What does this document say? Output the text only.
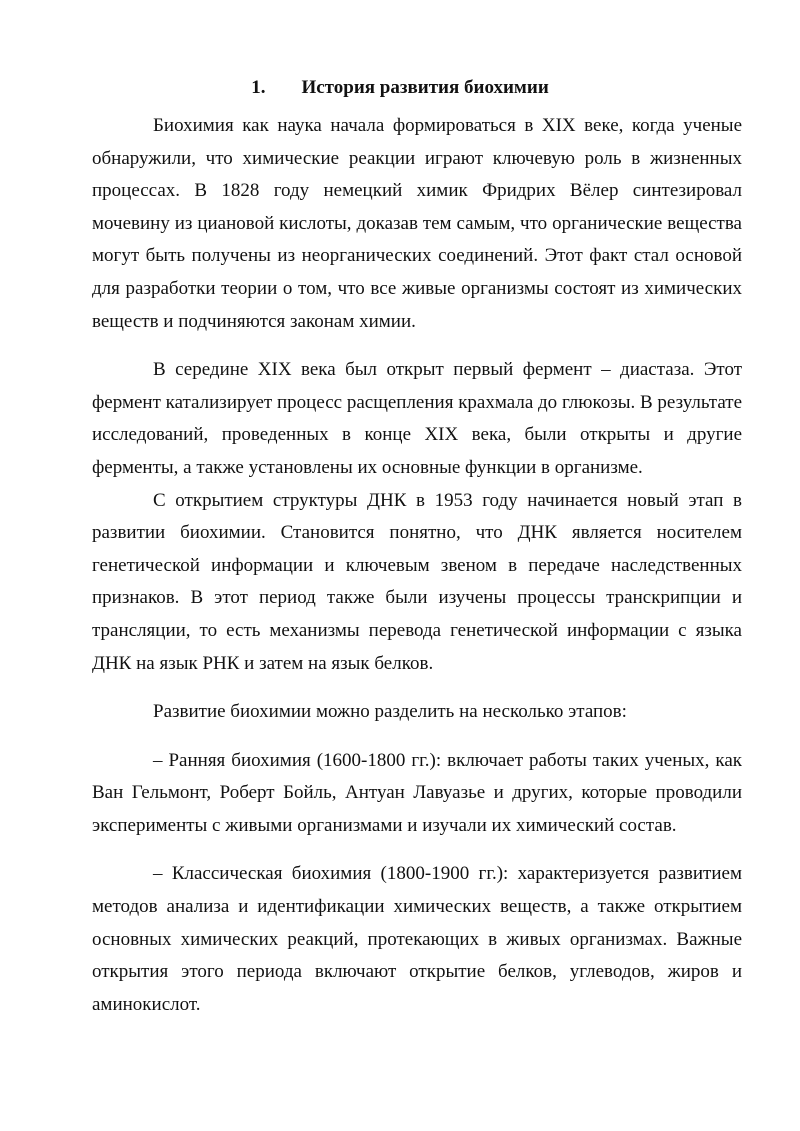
1. История развития биохимии

Биохимия как наука начала формироваться в XIX веке, когда ученые обнаружили, что химические реакции играют ключевую роль в жизненных процессах. В 1828 году немецкий химик Фридрих Вёлер синтезировал мочевину из циановой кислоты, доказав тем самым, что органические вещества могут быть получены из неорганических соединений. Этот факт стал основой для разработки теории о том, что все живые организмы состоят из химических веществ и подчиняются законам химии.

В середине XIX века был открыт первый фермент – диастаза. Этот фермент катализирует процесс расщепления крахмала до глюкозы. В результате исследований, проведенных в конце XIX века, были открыты и другие ферменты, а также установлены их основные функции в организме.

С открытием структуры ДНК в 1953 году начинается новый этап в развитии биохимии. Становится понятно, что ДНК является носителем генетической информации и ключевым звеном в передаче наследственных признаков. В этот период также были изучены процессы транскрипции и трансляции, то есть механизмы перевода генетической информации с языка ДНК на язык РНК и затем на язык белков.

Развитие биохимии можно разделить на несколько этапов:

– Ранняя биохимия (1600-1800 гг.): включает работы таких ученых, как Ван Гельмонт, Роберт Бойль, Антуан Лавуазье и других, которые проводили эксперименты с живыми организмами и изучали их химический состав.

– Классическая биохимия (1800-1900 гг.): характеризуется развитием методов анализа и идентификации химических веществ, а также открытием основных химических реакций, протекающих в живых организмах. Важные открытия этого периода включают открытие белков, углеводов, жиров и аминокислот.
